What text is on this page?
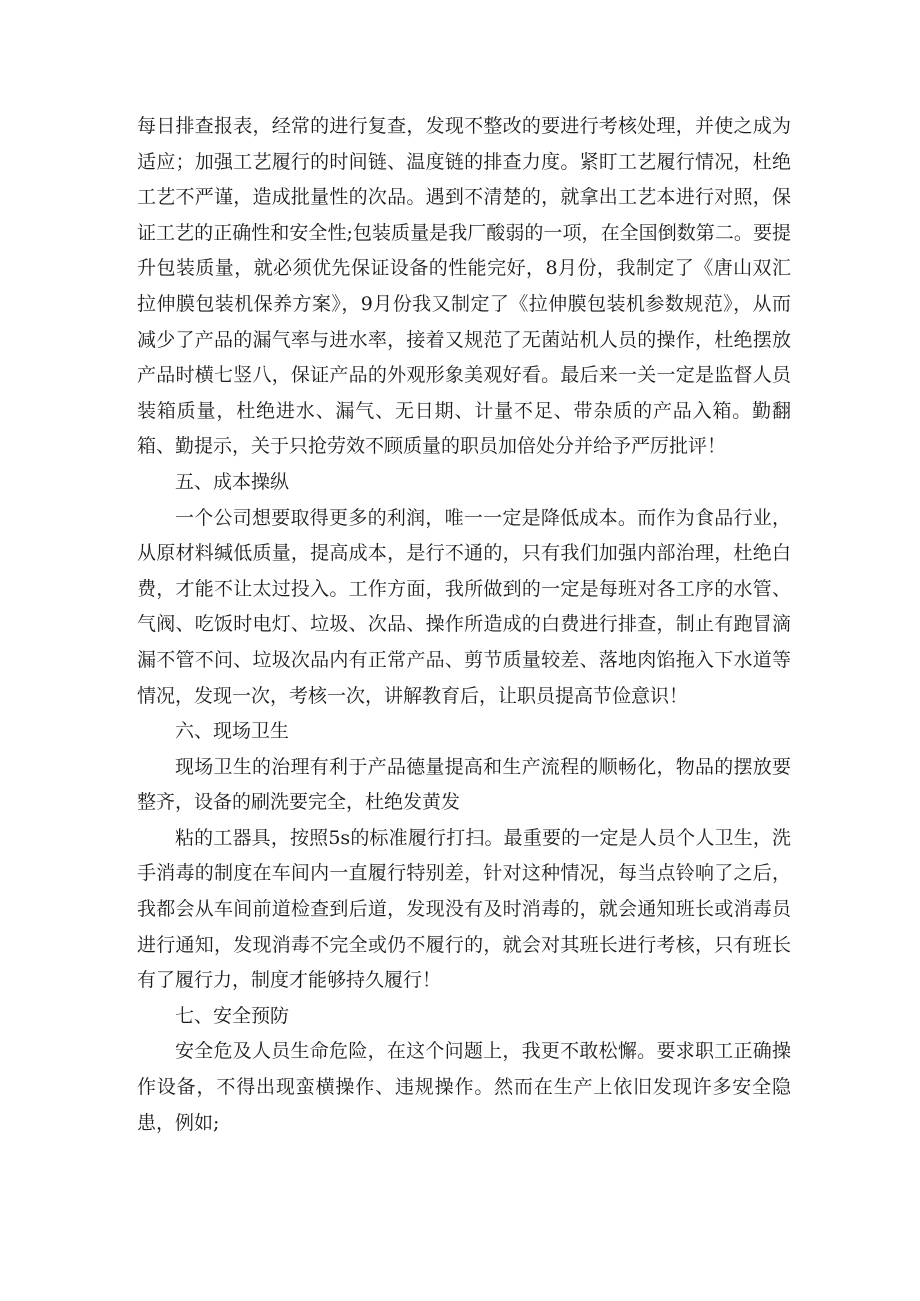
每日排查报表，经常的进行复查，发现不整改的要进行考核处理，并使之成为适应；加强工艺履行的时间链、温度链的排查力度。紧盯工艺履行情况，杜绝工艺不严谨，造成批量性的次品。遇到不清楚的，就拿出工艺本进行对照，保证工艺的正确性和安全性;包装质量是我厂酸弱的一项，在全国倒数第二。要提升包装质量，就必须优先保证设备的性能完好，8月份，我制定了《唐山双汇拉伸膜包装机保养方案》，9月份我又制定了《拉伸膜包装机参数规范》，从而减少了产品的漏气率与进水率，接着又规范了无菌站机人员的操作，杜绝摆放产品时横七竖八，保证产品的外观形象美观好看。最后来一关一定是监督人员装箱质量，杜绝进水、漏气、无日期、计量不足、带杂质的产品入箱。勤翻箱、勤提示，关于只抢劳效不顾质量的职员加倍处分并给予严厉批评！

五、成本操纵

一个公司想要取得更多的利润，唯一一定是降低成本。而作为食品行业，从原材料缄低质量，提高成本，是行不通的，只有我们加强内部治理，杜绝白费，才能不让太过投入。工作方面，我所做到的一定是每班对各工序的水管、气阀、吃饭时电灯、垃圾、次品、操作所造成的白费进行排查，制止有跑冒滴漏不管不问、垃圾次品内有正常产品、剪节质量较差、落地肉馅拖入下水道等情况，发现一次，考核一次，讲解教育后，让职员提高节俭意识！

六、现场卫生

现场卫生的治理有利于产品德量提高和生产流程的顺畅化，物品的摆放要整齐，设备的刷洗要完全，杜绝发黄发

粘的工器具，按照5s的标准履行打扫。最重要的一定是人员个人卫生，洗手消毒的制度在车间内一直履行特别差，针对这种情况，每当点铃响了之后，我都会从车间前道检查到后道，发现没有及时消毒的，就会通知班长或消毒员进行通知，发现消毒不完全或仍不履行的，就会对其班长进行考核，只有班长有了履行力，制度才能够持久履行！

七、安全预防

安全危及人员生命危险，在这个问题上，我更不敢松懈。要求职工正确操作设备，不得出现蛮横操作、违规操作。然而在生产上依旧发现许多安全隐患，例如;
